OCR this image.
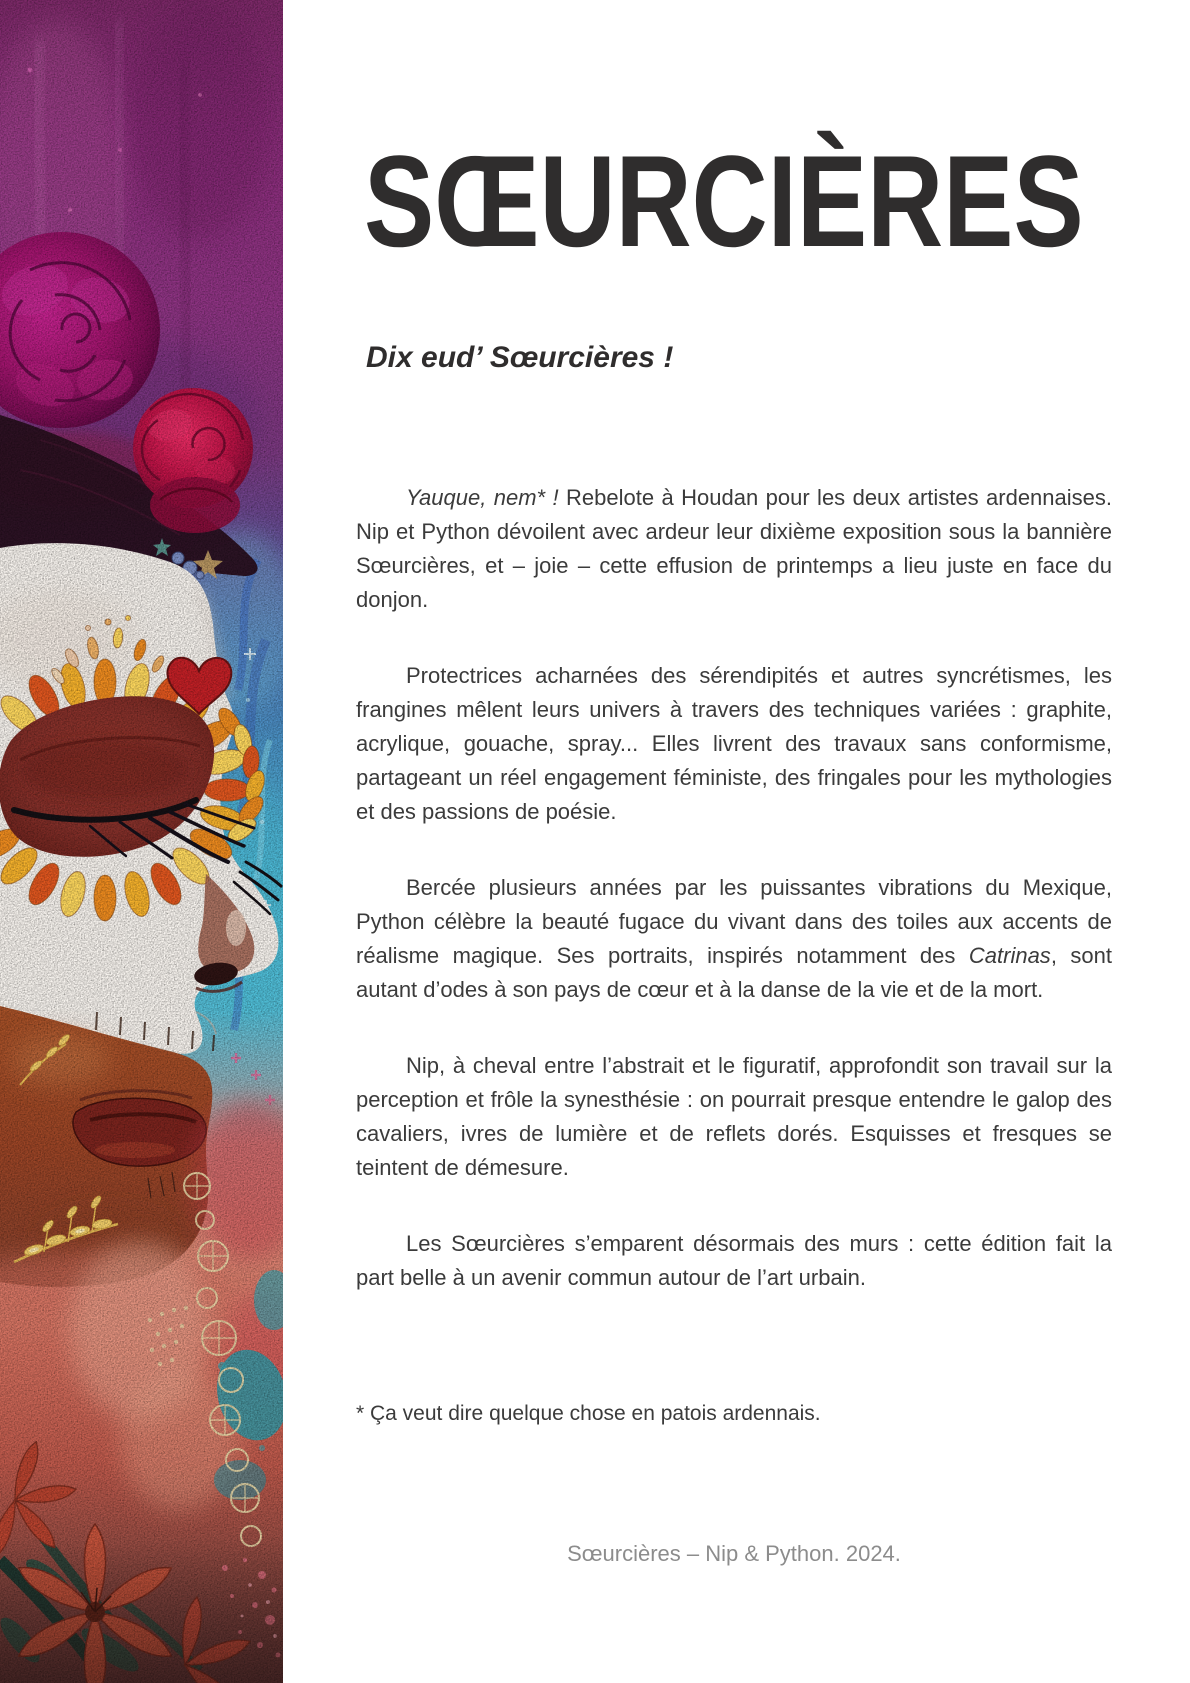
SŒURCIÈRES
Dix eud’ Sœurcières !

Yauque, nem* ! Rebelote à Houdan pour les deux artistes ardennaises. Nip et Python dévoilent avec ardeur leur dixième exposition sous la bannière Sœurcières, et – joie – cette effusion de printemps a lieu juste en face du donjon.

Protectrices acharnées des sérendipités et autres syncrétismes, les frangines mêlent leurs univers à travers des techniques variées : graphite, acrylique, gouache, spray... Elles livrent des travaux sans conformisme, partageant un réel engagement féministe, des fringales pour les mythologies et des passions de poésie.

Bercée plusieurs années par les puissantes vibrations du Mexique, Python célèbre la beauté fugace du vivant dans des toiles aux accents de réalisme magique. Ses portraits, inspirés notamment des Catrinas, sont autant d’odes à son pays de cœur et à la danse de la vie et de la mort.

Nip, à cheval entre l’abstrait et le figuratif, approfondit son travail sur la perception et frôle la synesthésie : on pourrait presque entendre le galop des cavaliers, ivres de lumière et de reflets dorés. Esquisses et fresques se teintent de démesure.

Les Sœurcières s’emparent désormais des murs : cette édition fait la part belle à un avenir commun autour de l’art urbain.

* Ça veut dire quelque chose en patois ardennais.
Sœurcières – Nip & Python. 2024.
